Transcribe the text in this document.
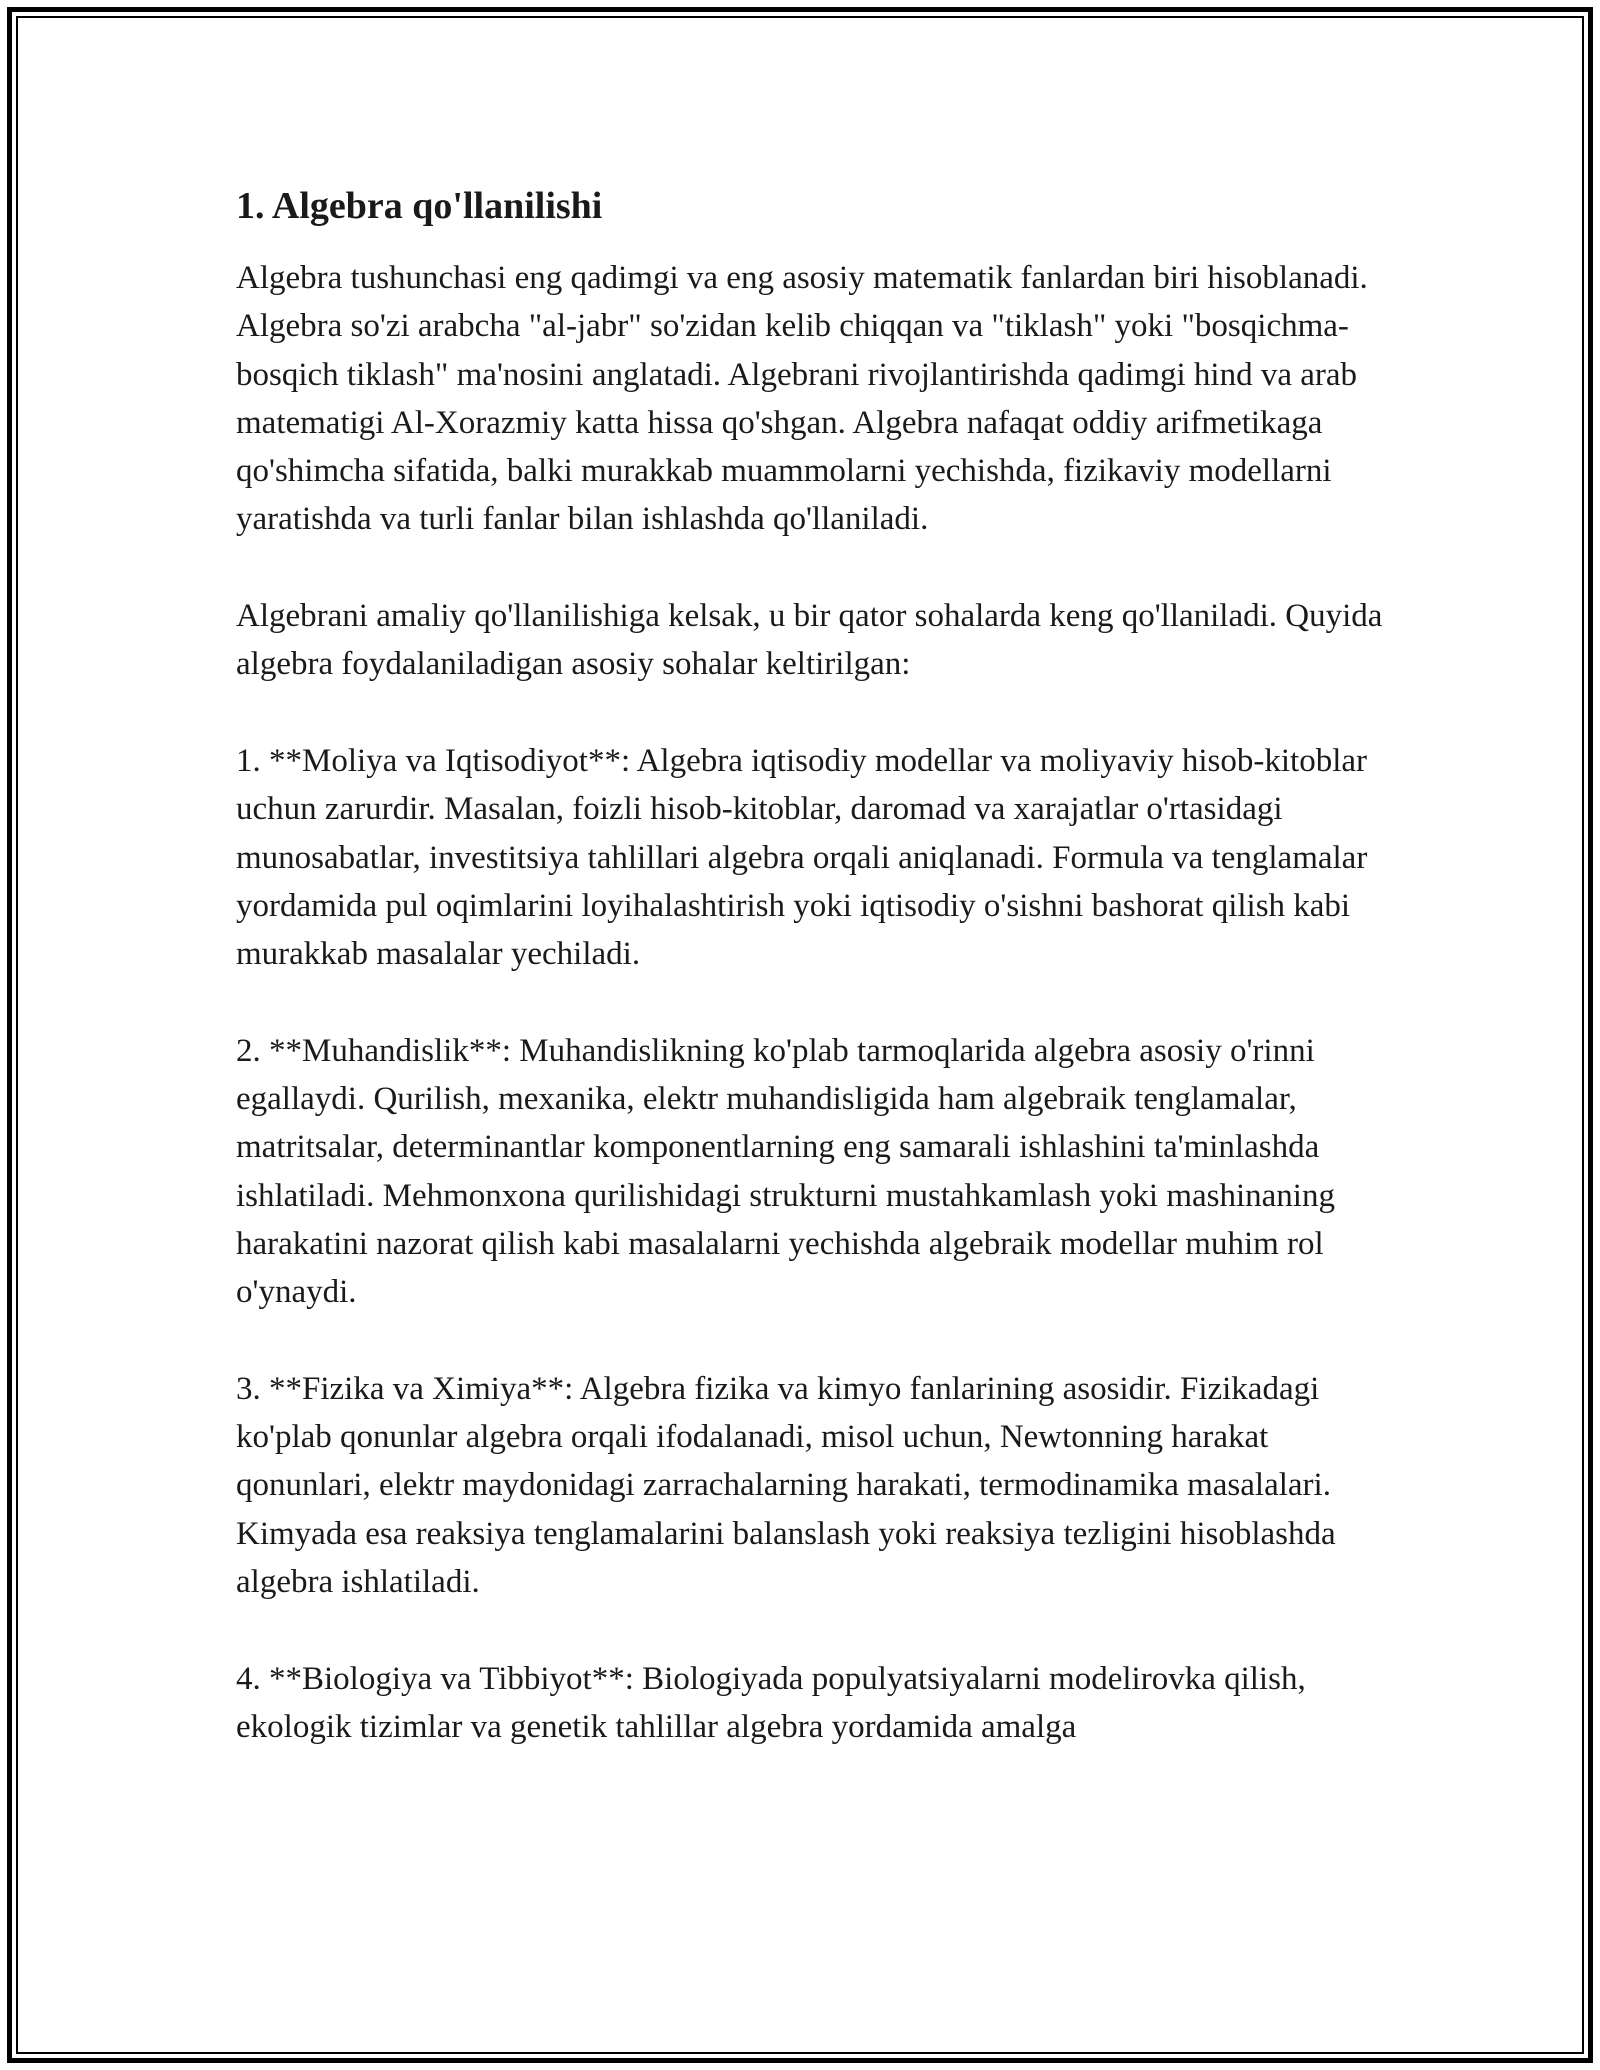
1. Algebra qo'llanilishi

Algebra tushunchasi eng qadimgi va eng asosiy matematik fanlardan biri hisoblanadi. Algebra so'zi arabcha "al-jabr" so'zidan kelib chiqqan va "tiklash" yoki "bosqichma-bosqich tiklash" ma'nosini anglatadi. Algebrani rivojlantirishda qadimgi hind va arab matematigi Al-Xorazmiy katta hissa qo'shgan. Algebra nafaqat oddiy arifmetikaga qo'shimcha sifatida, balki murakkab muammolarni yechishda, fizikaviy modellarni yaratishda va turli fanlar bilan ishlashda qo'llaniladi.

Algebrani amaliy qo'llanilishiga kelsak, u bir qator sohalarda keng qo'llaniladi. Quyida algebra foydalaniladigan asosiy sohalar keltirilgan:

1. **Moliya va Iqtisodiyot**: Algebra iqtisodiy modellar va moliyaviy hisob-kitoblar uchun zarurdir. Masalan, foizli hisob-kitoblar, daromad va xarajatlar o'rtasidagi munosabatlar, investitsiya tahlillari algebra orqali aniqlanadi. Formula va tenglamalar yordamida pul oqimlarini loyihalashtirish yoki iqtisodiy o'sishni bashorat qilish kabi murakkab masalalar yechiladi.

2. **Muhandislik**: Muhandislikning ko'plab tarmoqlarida algebra asosiy o'rinni egallaydi. Qurilish, mexanika, elektr muhandisligida ham algebraik tenglamalar, matritsalar, determinantlar komponentlarning eng samarali ishlashini ta'minlashda ishlatiladi. Mehmonxona qurilishidagi strukturni mustahkamlash yoki mashinaning harakatini nazorat qilish kabi masalalarni yechishda algebraik modellar muhim rol o'ynaydi.

3. **Fizika va Ximiya**: Algebra fizika va kimyo fanlarining asosidir. Fizikadagi ko'plab qonunlar algebra orqali ifodalanadi, misol uchun, Newtonning harakat qonunlari, elektr maydonidagi zarrachalarning harakati, termodinamika masalalari. Kimyada esa reaksiya tenglamalarini balanslash yoki reaksiya tezligini hisoblashda algebra ishlatiladi.

4. **Biologiya va Tibbiyot**: Biologiyada populyatsiyalarni modelirovka qilish, ekologik tizimlar va genetik tahlillar algebra yordamida amalga
